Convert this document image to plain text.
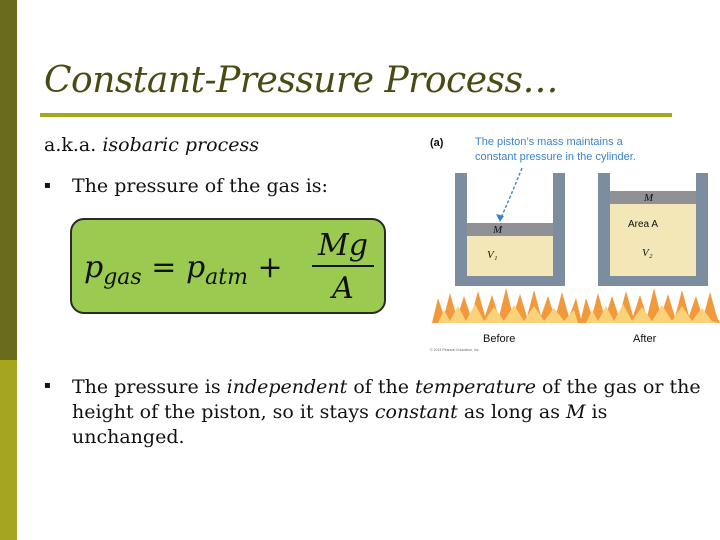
Constant-Pressure Process…
a.k.a. isobaric process
▪ The pressure of the gas is:
$p_{gas} = p_{atm}$ +
Mg
A
(a)	The piston’s mass maintains a
constant pressure in the cylinder.
M
V₁
M
Area A
V₂
Before	After
© 2013 Pearson Education, Inc.
▪ The pressure is independent of the temperature of the gas or the height of the piston, so it stays constant as long as M is unchanged.
